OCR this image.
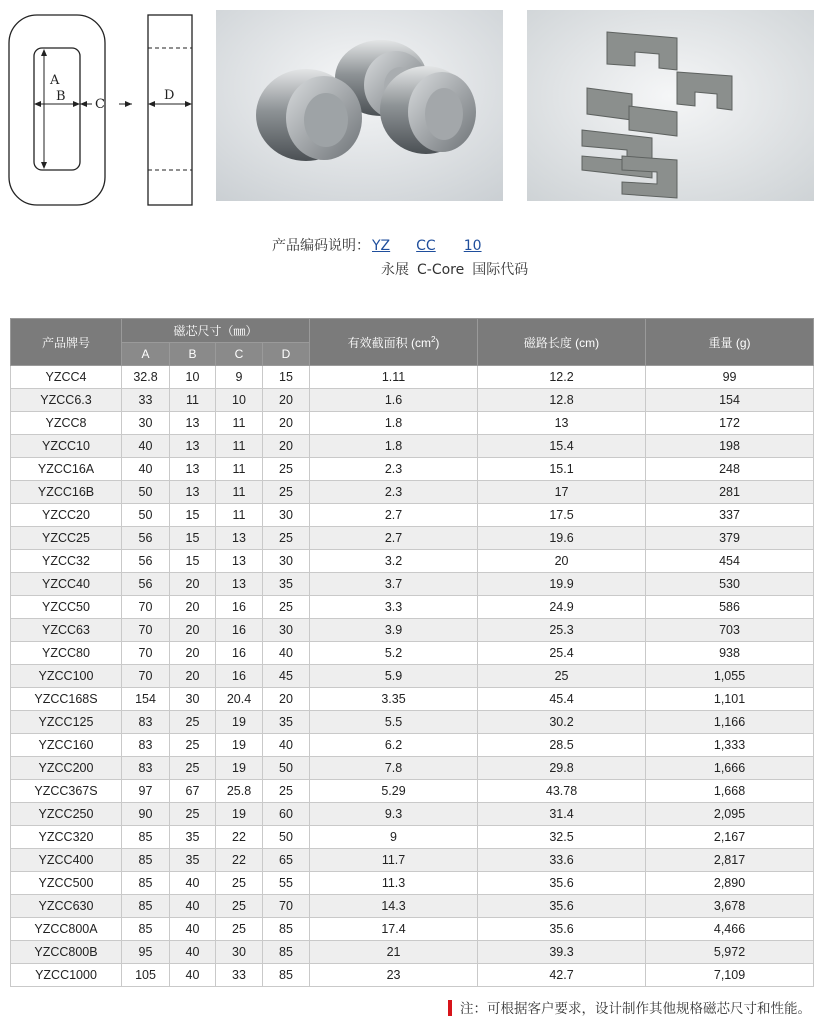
A
B
C
D
产品编码说明： YZ CC 10
永展 C-Core 国际代码
产品牌号	磁芯尺寸（㎜）				有效截面积 $(cm^2)$	磁路长度 (cm)	重量 (g)
	A	B	C	D			
YZCC4	32.8	10	9	15	1.11	12.2	99
YZCC6.3	33	11	10	20	1.6	12.8	154
YZCC8	30	13	11	20	1.8	13	172
YZCC10	40	13	11	20	1.8	15.4	198
YZCC16A	40	13	11	25	2.3	15.1	248
YZCC16B	50	13	11	25	2.3	17	281
YZCC20	50	15	11	30	2.7	17.5	337
YZCC25	56	15	13	25	2.7	19.6	379
YZCC32	56	15	13	30	3.2	20	454
YZCC40	56	20	13	35	3.7	19.9	530
YZCC50	70	20	16	25	3.3	24.9	586
YZCC63	70	20	16	30	3.9	25.3	703
YZCC80	70	20	16	40	5.2	25.4	938
YZCC100	70	20	16	45	5.9	25	1,055
YZCC168S	154	30	20.4	20	3.35	45.4	1,101
YZCC125	83	25	19	35	5.5	30.2	1,166
YZCC160	83	25	19	40	6.2	28.5	1,333
YZCC200	83	25	19	50	7.8	29.8	1,666
YZCC367S	97	67	25.8	25	5.29	43.78	1,668
YZCC250	90	25	19	60	9.3	31.4	2,095
YZCC320	85	35	22	50	9	32.5	2,167
YZCC400	85	35	22	65	11.7	33.6	2,817
YZCC500	85	40	25	55	11.3	35.6	2,890
YZCC630	85	40	25	70	14.3	35.6	3,678
YZCC800A	85	40	25	85	17.4	35.6	4,466
YZCC800B	95	40	30	85	21	39.3	5,972
YZCC1000	105	40	33	85	23	42.7	7,109
注：可根据客户要求，设计制作其他规格磁芯尺寸和性能。
